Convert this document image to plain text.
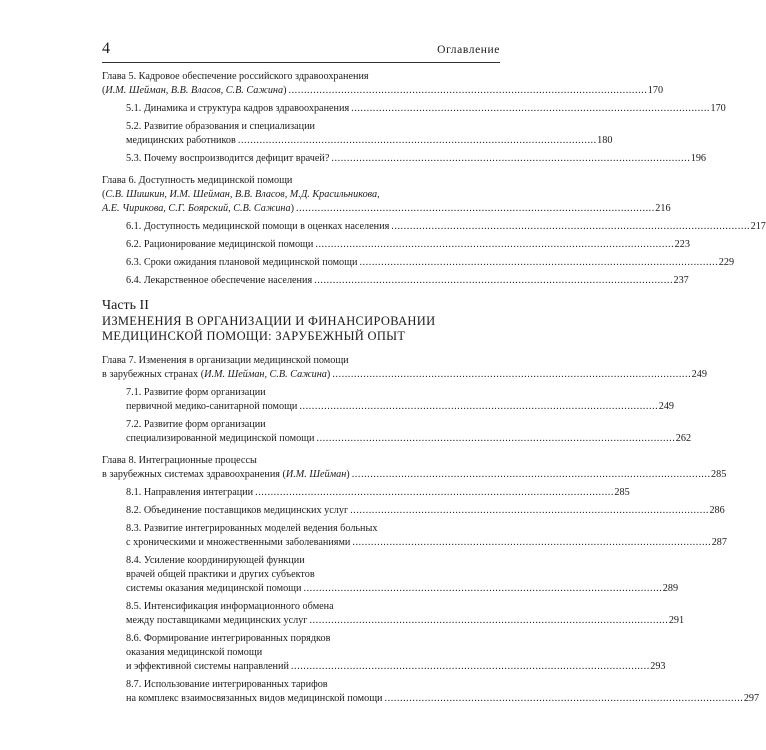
4	Оглавление
Глава 5. Кадровое обеспечение российского здравоохранения
(И.М. Шейман, В.В. Власов, С.В. Сажина) . . .	170
5.1. Динамика и структура кадров здравоохранения . . .	170
5.2. Развитие образования и специализации
медицинских работников . . .	180
5.3. Почему воспроизводится дефицит врачей? . . .	196
Глава 6. Доступность медицинской помощи
(С.В. Шишкин, И.М. Шейман, В.В. Власов, М.Д. Красильникова,
А.Е. Чирикова, С.Г. Боярский, С.В. Сажина) . . .	216
6.1. Доступность медицинской помощи в оценках населения . . .	217
6.2. Рационирование медицинской помощи . . .	223
6.3. Сроки ожидания плановой медицинской помощи . . .	229
6.4. Лекарственное обеспечение населения . . .	237
Часть II
ИЗМЕНЕНИЯ В ОРГАНИЗАЦИИ И ФИНАНСИРОВАНИИ
МЕДИЦИНСКОЙ ПОМОЩИ: ЗАРУБЕЖНЫЙ ОПЫТ
Глава 7. Изменения в организации медицинской помощи
в зарубежных странах (И.М. Шейман, С.В. Сажина) . . .	249
7.1. Развитие форм организации
первичной медико-санитарной помощи . . .	249
7.2. Развитие форм организации
специализированной медицинской помощи . . .	262
Глава 8. Интеграционные процессы
в зарубежных системах здравоохранения (И.М. Шейман) . . .	285
8.1. Направления интеграции . . .	285
8.2. Объединение поставщиков медицинских услуг . . .	286
8.3. Развитие интегрированных моделей ведения больных
с хроническими и множественными заболеваниями . . .	287
8.4. Усиление координирующей функции
врачей общей практики и других субъектов
системы оказания медицинской помощи . . .	289
8.5. Интенсификация информационного обмена
между поставщиками медицинских услуг . . .	291
8.6. Формирование интегрированных порядков
оказания медицинской помощи
и эффективной системы направлений . . .	293
8.7. Использование интегрированных тарифов
на комплекс взаимосвязанных видов медицинской помощи . . .	297
